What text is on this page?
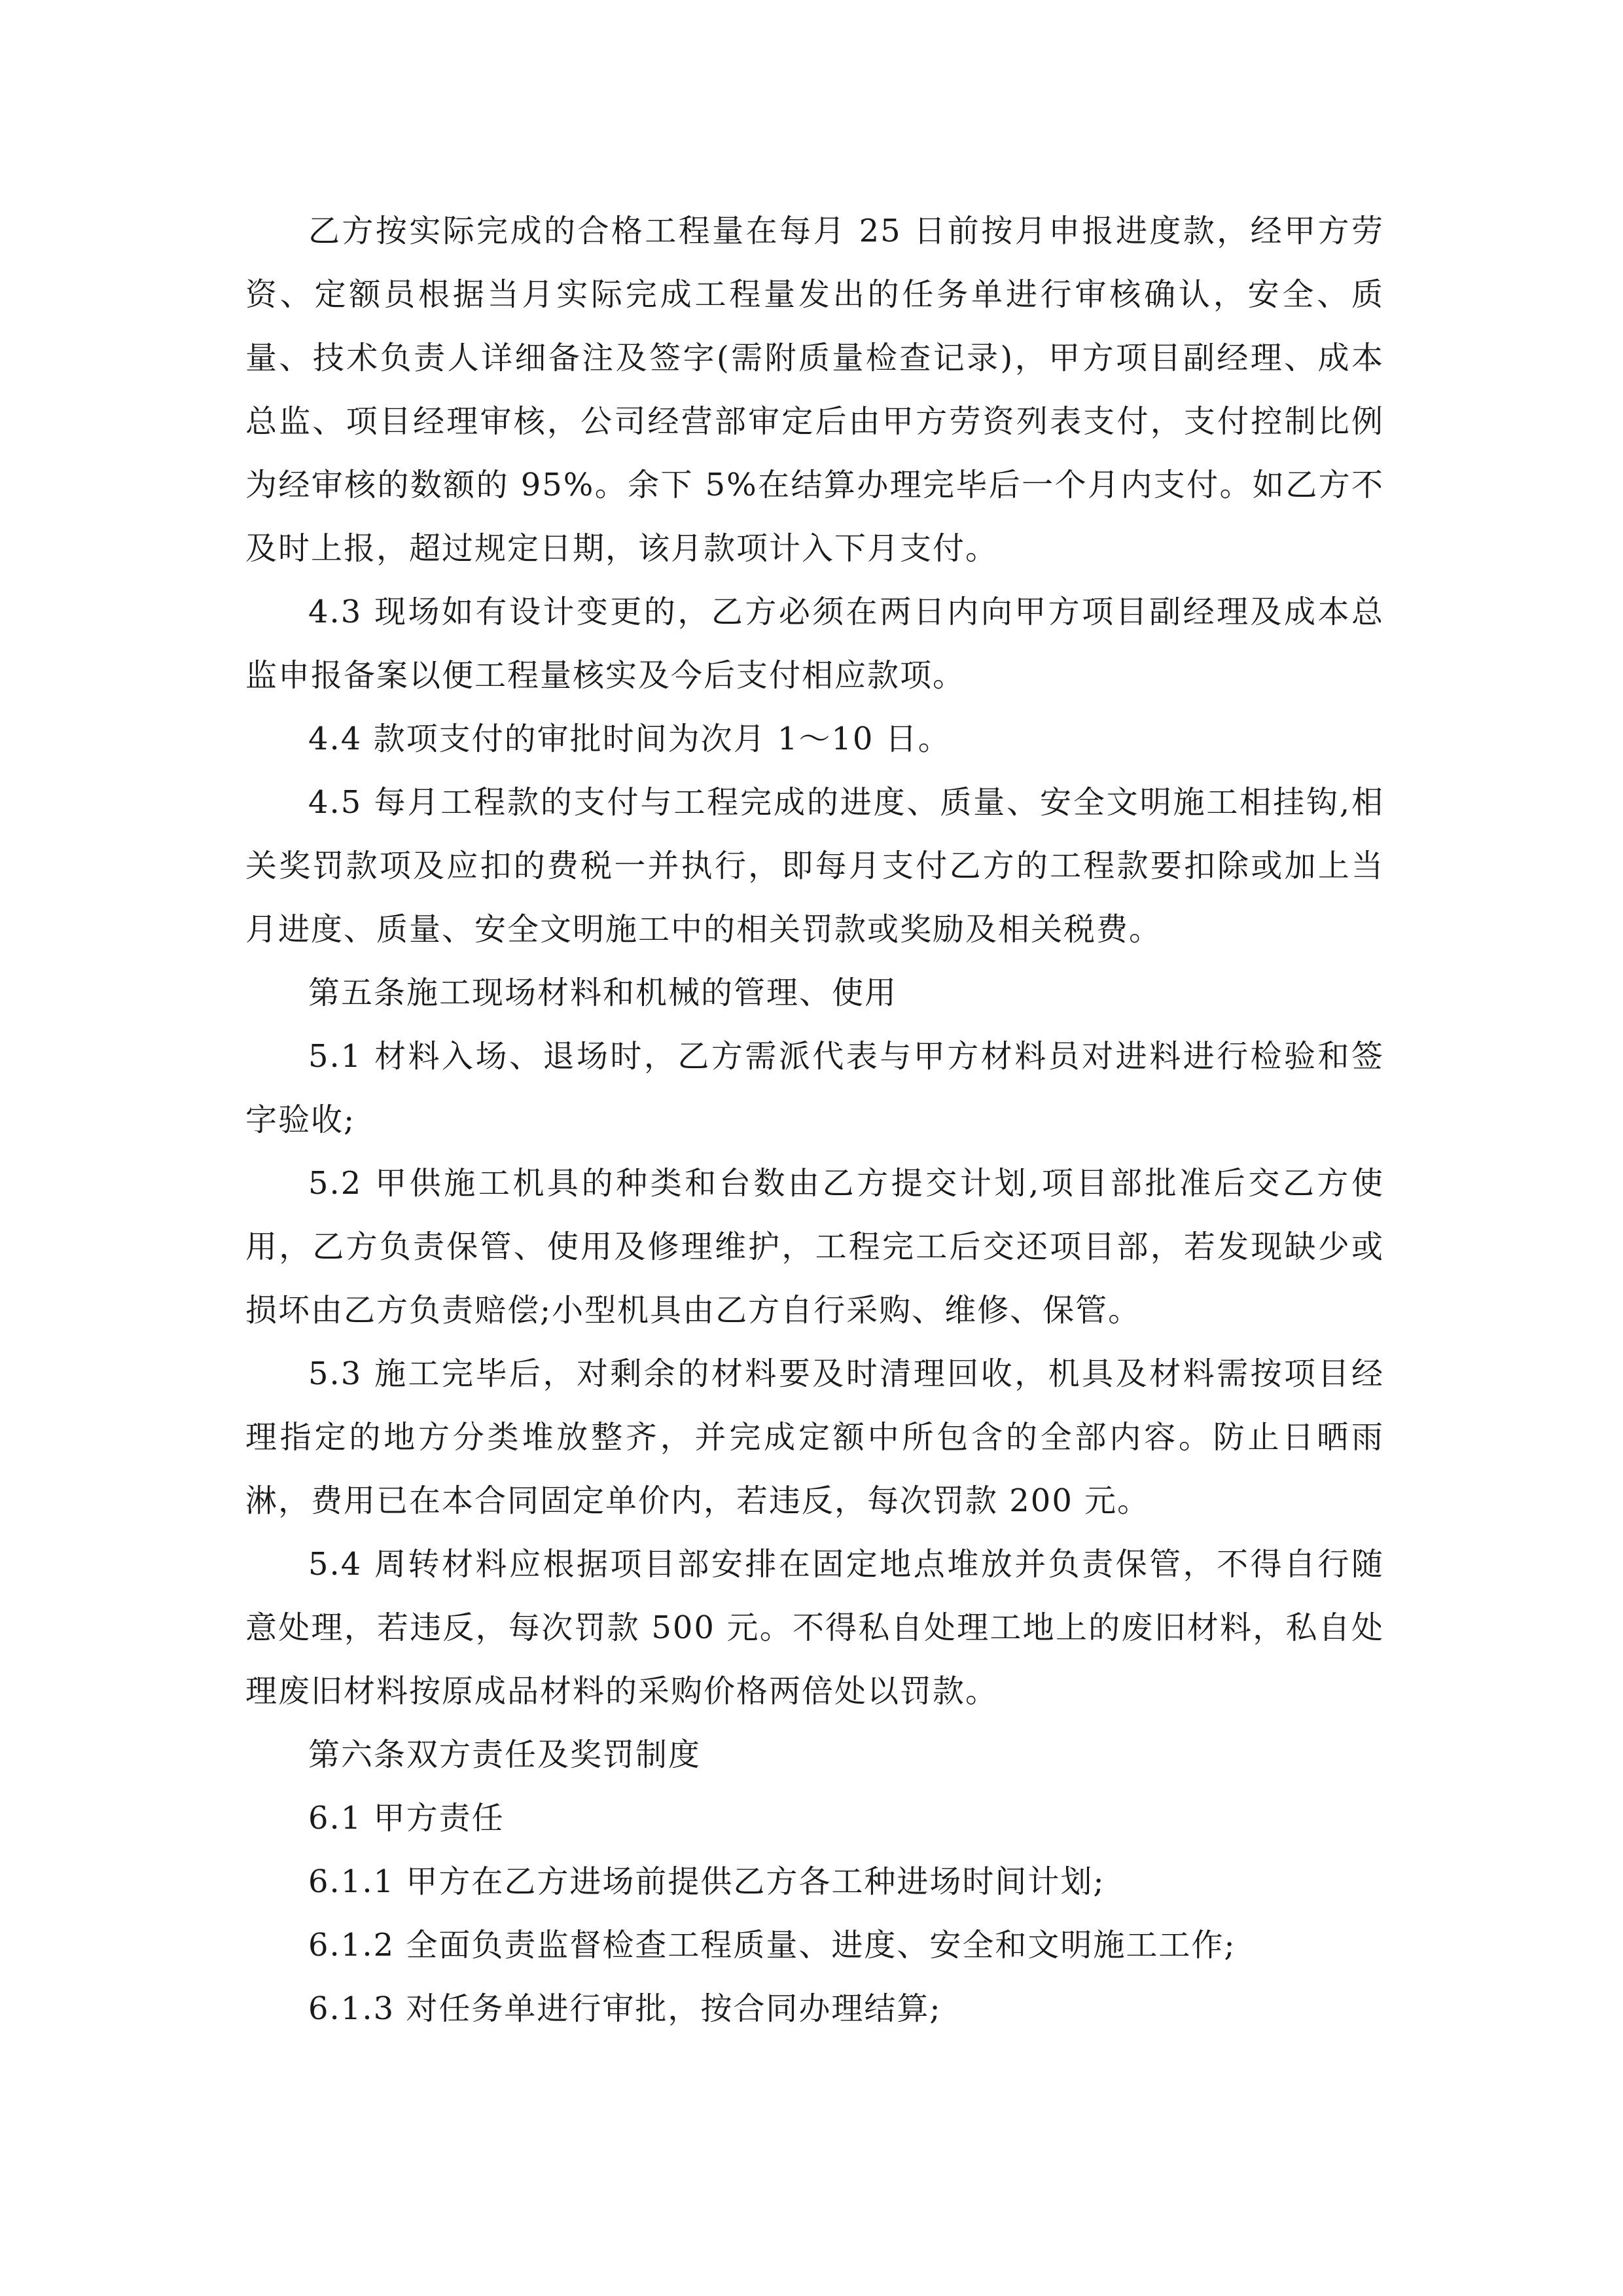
乙方按实际完成的合格工程量在每月 25 日前按月申报进度款，经甲方劳资、定额员根据当月实际完成工程量发出的任务单进行审核确认，安全、质量、技术负责人详细备注及签字(需附质量检查记录)，甲方项目副经理、成本总监、项目经理审核，公司经营部审定后由甲方劳资列表支付，支付控制比例为经审核的数额的 95%。余下 5%在结算办理完毕后一个月内支付。如乙方不及时上报，超过规定日期，该月款项计入下月支付。

4.3 现场如有设计变更的，乙方必须在两日内向甲方项目副经理及成本总监申报备案以便工程量核实及今后支付相应款项。

4.4 款项支付的审批时间为次月 1～10 日。

4.5 每月工程款的支付与工程完成的进度、质量、安全文明施工相挂钩,相关奖罚款项及应扣的费税一并执行，即每月支付乙方的工程款要扣除或加上当月进度、质量、安全文明施工中的相关罚款或奖励及相关税费。

第五条施工现场材料和机械的管理、使用

5.1 材料入场、退场时，乙方需派代表与甲方材料员对进料进行检验和签字验收;

5.2 甲供施工机具的种类和台数由乙方提交计划,项目部批准后交乙方使用，乙方负责保管、使用及修理维护，工程完工后交还项目部，若发现缺少或损坏由乙方负责赔偿;小型机具由乙方自行采购、维修、保管。

5.3 施工完毕后，对剩余的材料要及时清理回收，机具及材料需按项目经理指定的地方分类堆放整齐，并完成定额中所包含的全部内容。防止日晒雨淋，费用已在本合同固定单价内，若违反，每次罚款 200 元。

5.4 周转材料应根据项目部安排在固定地点堆放并负责保管，不得自行随意处理，若违反，每次罚款 500 元。不得私自处理工地上的废旧材料，私自处理废旧材料按原成品材料的采购价格两倍处以罚款。

第六条双方责任及奖罚制度

6.1 甲方责任

6.1.1 甲方在乙方进场前提供乙方各工种进场时间计划;

6.1.2 全面负责监督检查工程质量、进度、安全和文明施工工作;

6.1.3 对任务单进行审批，按合同办理结算;
